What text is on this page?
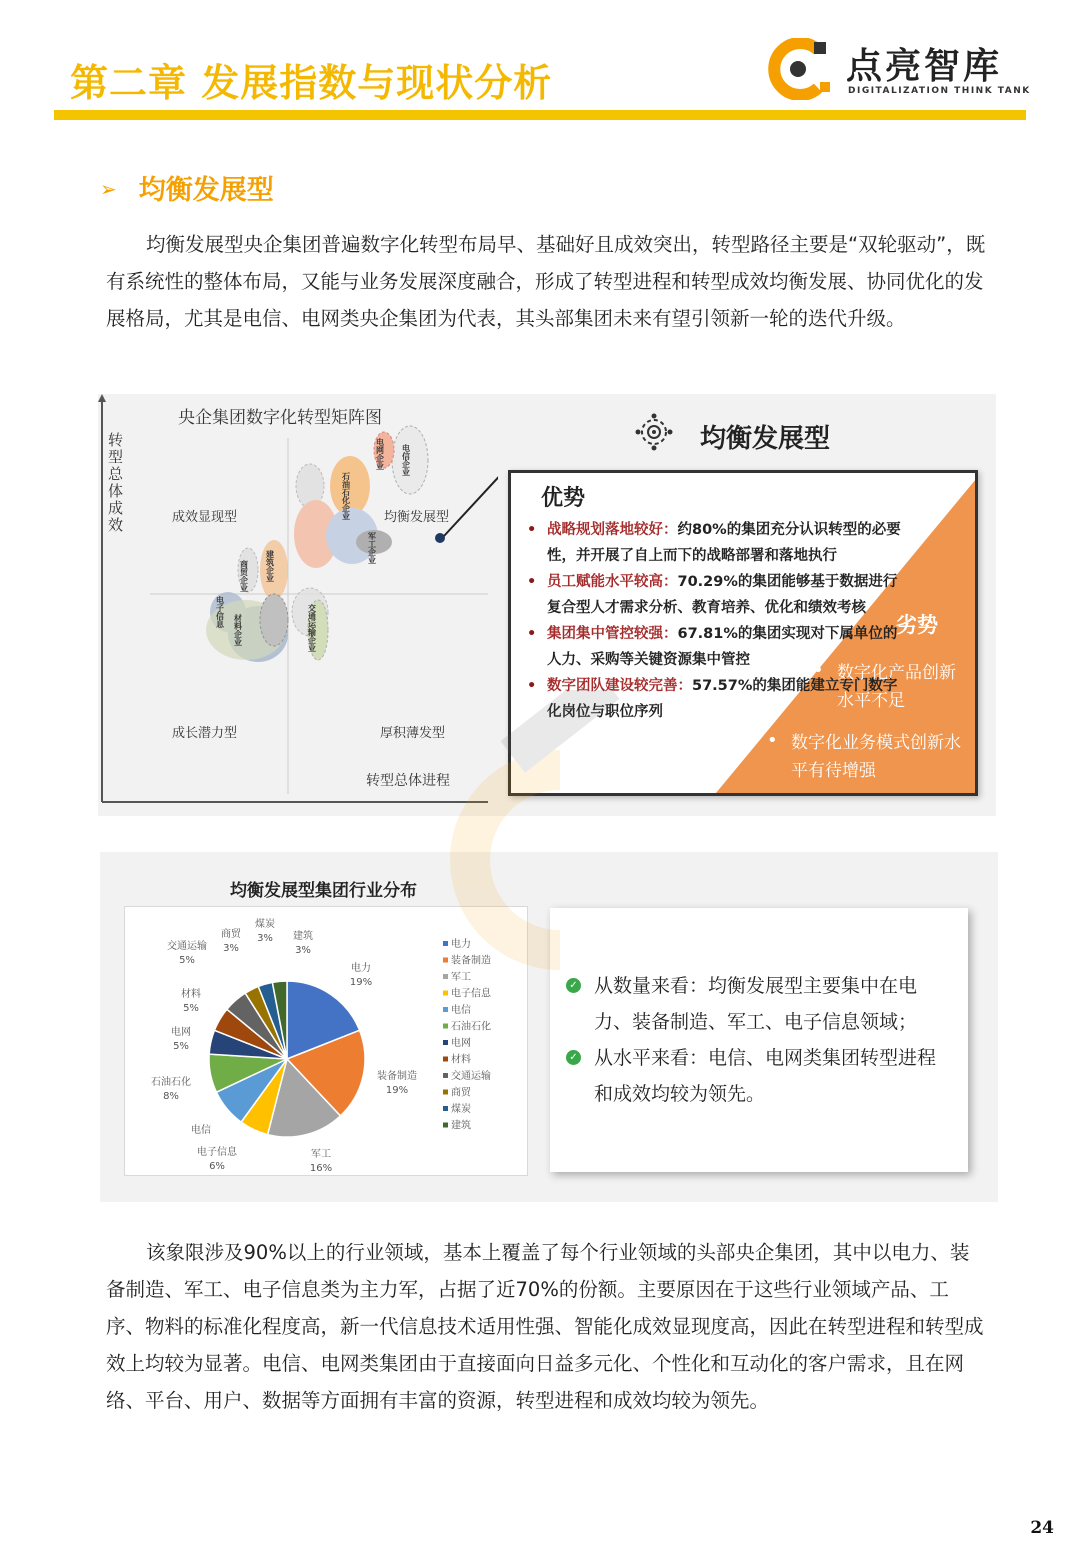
第二章 发展指数与现状分析	点亮智库
DIGITALIZATION THINK TANK
➢ 均衡发展型

均衡发展型央企集团普遍数字化转型布局早、基础好且成效突出，转型路径主要是“双轮驱动”，既有系统性的整体布局，又能与业务发展深度融合，形成了转型进程和转型成效均衡发展、协同优化的发展格局，尤其是电信、电网类央企集团为代表，其头部集团未来有望引领新一轮的迭代升级。

电信企业
电网企业
石油石化企业
军工企业
建筑企业
商贸企业
电子信息
材料企业	交通运输企业
央企集团数字化转型矩阵图
转型总体成效	成效显现型	均衡发展型
成长潜力型	厚积薄发型
转型总体进程
均衡发展型
优势
• 战略规划落地较好：约80%的集团充分认识转型的必要性，并开展了自上而下的战略部署和落地执行
• 员工赋能水平较高：70.29%的集团能够基于数据进行复合型人才需求分析、教育培养、优化和绩效考核
• 集团集中管控较强：67.81%的集团实现对下属单位的人力、采购等关键资源集中管控
• 数字团队建设较完善：57.57%的集团能建立专门数字化岗位与职位序列
劣势
• 数字化产品创新水平不足
• 数字化业务模式创新水平有待增强
均衡发展型集团行业分布
电力
19%
装备制造
19%
军工
16%
电子信息
6%
电信
石油石化
8%
电网
5%
材料
5%
交通运输
5%
商贸
3%
煤炭
3% 建筑
3%
电力
装备制造
军工
电子信息
电信
石油石化
电网
材料
交通运输
商贸
煤炭
建筑
✓ 从数量来看：均衡发展型主要集中在电力、装备制造、军工、电子信息领域；
✓ 从水平来看：电信、电网类集团转型进程和成效均较为领先。

该象限涉及90%以上的行业领域，基本上覆盖了每个行业领域的头部央企集团，其中以电力、装备制造、军工、电子信息类为主力军，占据了近70%的份额。主要原因在于这些行业领域产品、工序、物料的标准化程度高，新一代信息技术适用性强、智能化成效显现度高，因此在转型进程和转型成效上均较为显著。电信、电网类集团由于直接面向日益多元化、个性化和互动化的客户需求，且在网络、平台、用户、数据等方面拥有丰富的资源，转型进程和成效均较为领先。

24
